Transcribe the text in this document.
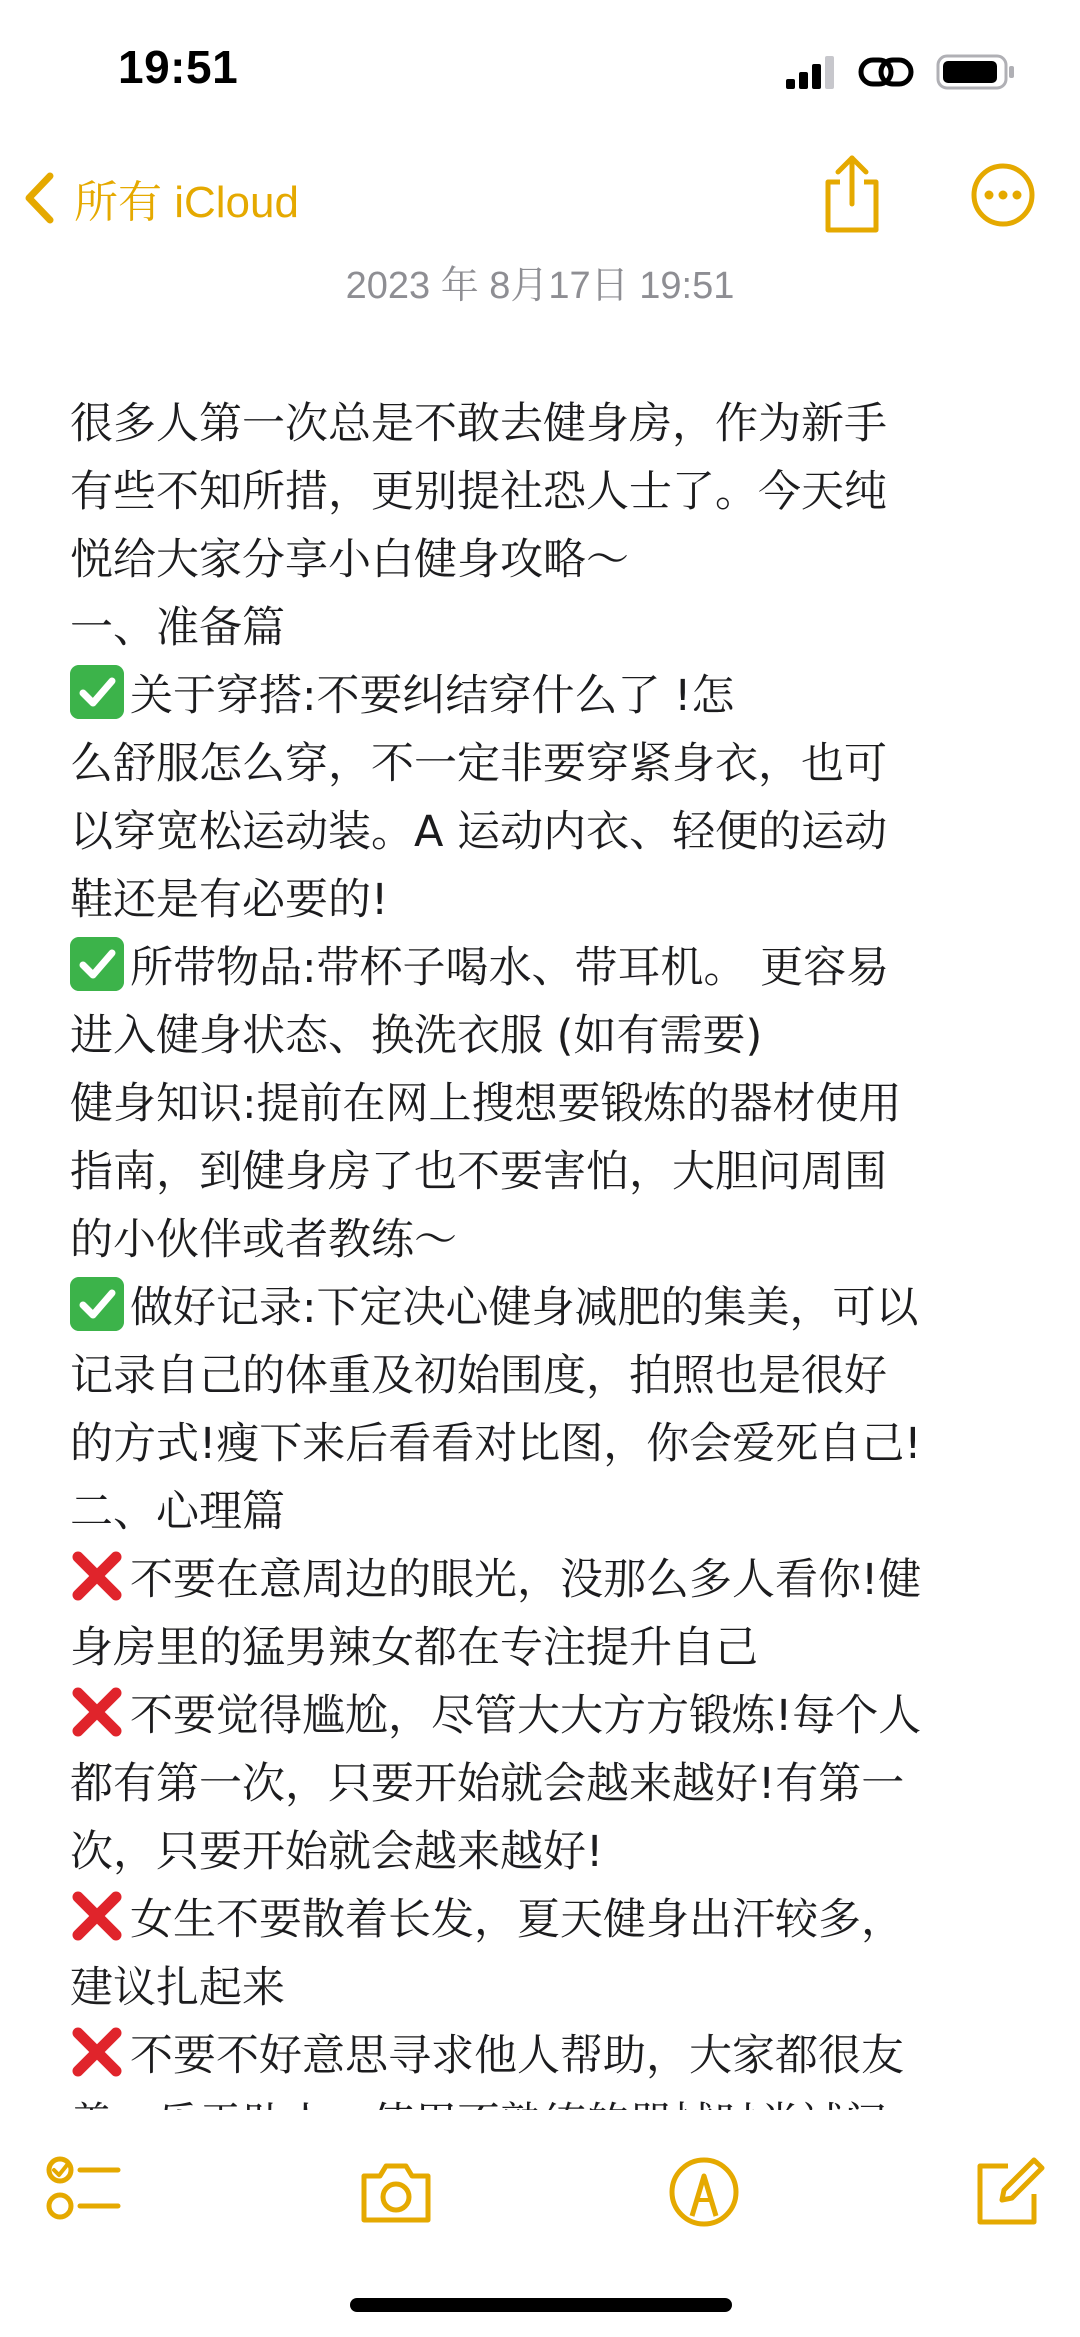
19:51
所有 iCloud
2023 年 8月17日 19:51
很多人第一次总是不敢去健身房，作为新手
有些不知所措，更别提社恐人士了。今天纯
悦给大家分享小白健身攻略～
一、准备篇
关于穿搭:不要纠结穿什么了 !怎
么舒服怎么穿，不一定非要穿紧身衣，也可
以穿宽松运动装。A 运动内衣、轻便的运动
鞋还是有必要的!
所带物品:带杯子喝水、带耳机。 更容易
进入健身状态、换洗衣服 (如有需要)
健身知识:提前在网上搜想要锻炼的器材使用
指南，到健身房了也不要害怕，大胆问周围
的小伙伴或者教练～
做好记录:下定决心健身减肥的集美，可以
记录自己的体重及初始围度，拍照也是很好
的方式!瘦下来后看看对比图，你会爱死自己!
二、心理篇
不要在意周边的眼光，没那么多人看你!健
身房里的猛男辣女都在专注提升自己
不要觉得尴尬，尽管大大方方锻炼!每个人
都有第一次，只要开始就会越来越好!有第一
次，只要开始就会越来越好!
女生不要散着长发，夏天健身出汗较多，
建议扎起来
不要不好意思寻求他人帮助，大家都很友
